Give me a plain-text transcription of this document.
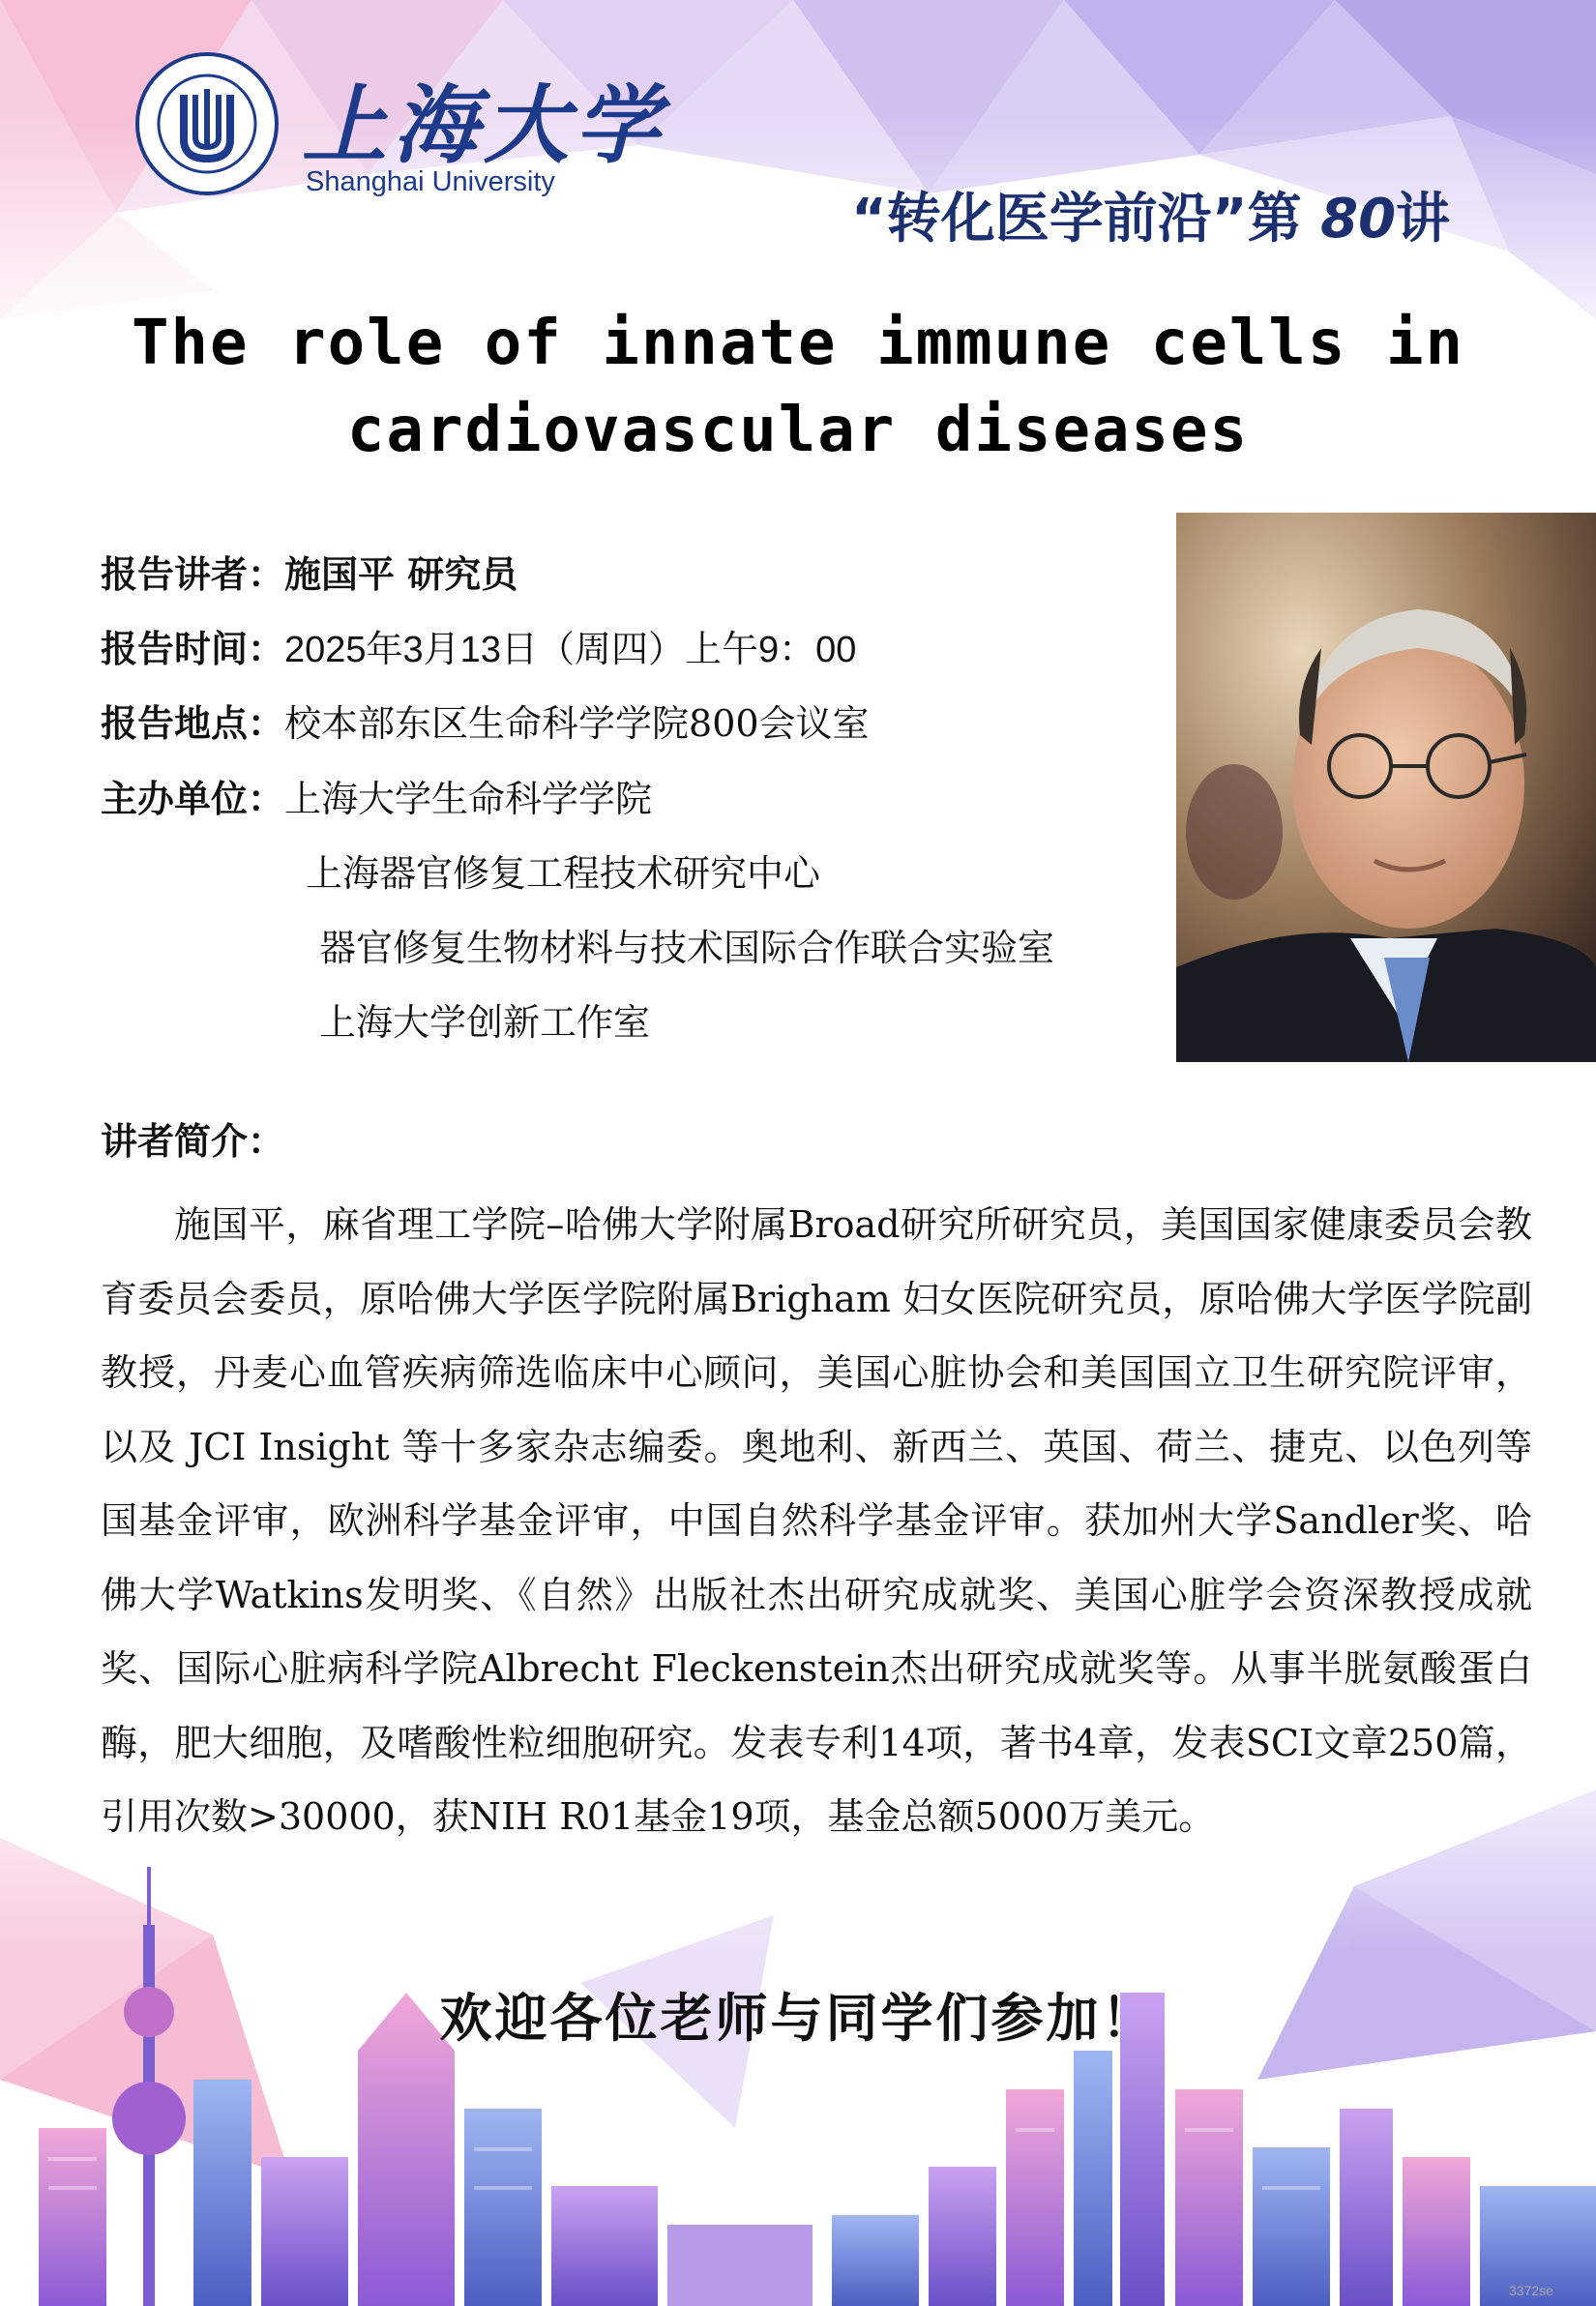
上海大学
Shanghai University
“转化医学前沿”第 80讲
The role of innate immune cells in
cardiovascular diseases
报告讲者：施国平 研究员
报告时间：2025年3月13日（周四）上午9：00
报告地点：校本部东区生命科学学院800会议室
主办单位：上海大学生命科学学院
上海器官修复工程技术研究中心
器官修复生物材料与技术国际合作联合实验室
上海大学创新工作室
讲者简介：
施国平，麻省理工学院–哈佛大学附属Broad研究所研究员，美国国家健康委员会教育委员会委员，原哈佛大学医学院附属Brigham 妇女医院研究员，原哈佛大学医学院副教授，丹麦心血管疾病筛选临床中心顾问，美国心脏协会和美国国立卫生研究院评审，以及 JCI Insight 等十多家杂志编委。奥地利、新西兰、英国、荷兰、捷克、以色列等国基金评审，欧洲科学基金评审，中国自然科学基金评审。获加州大学Sandler奖、哈佛大学Watkins发明奖、《自然》出版社杰出研究成就奖、美国心脏学会资深教授成就奖、国际心脏病科学院Albrecht Fleckenstein杰出研究成就奖等。从事半胱氨酸蛋白酶，肥大细胞，及嗜酸性粒细胞研究。发表专利14项，著书4章，发表SCI文章250篇，引用次数>30000，获NIH R01基金19项，基金总额5000万美元。
欢迎各位老师与同学们参加！
3372se
